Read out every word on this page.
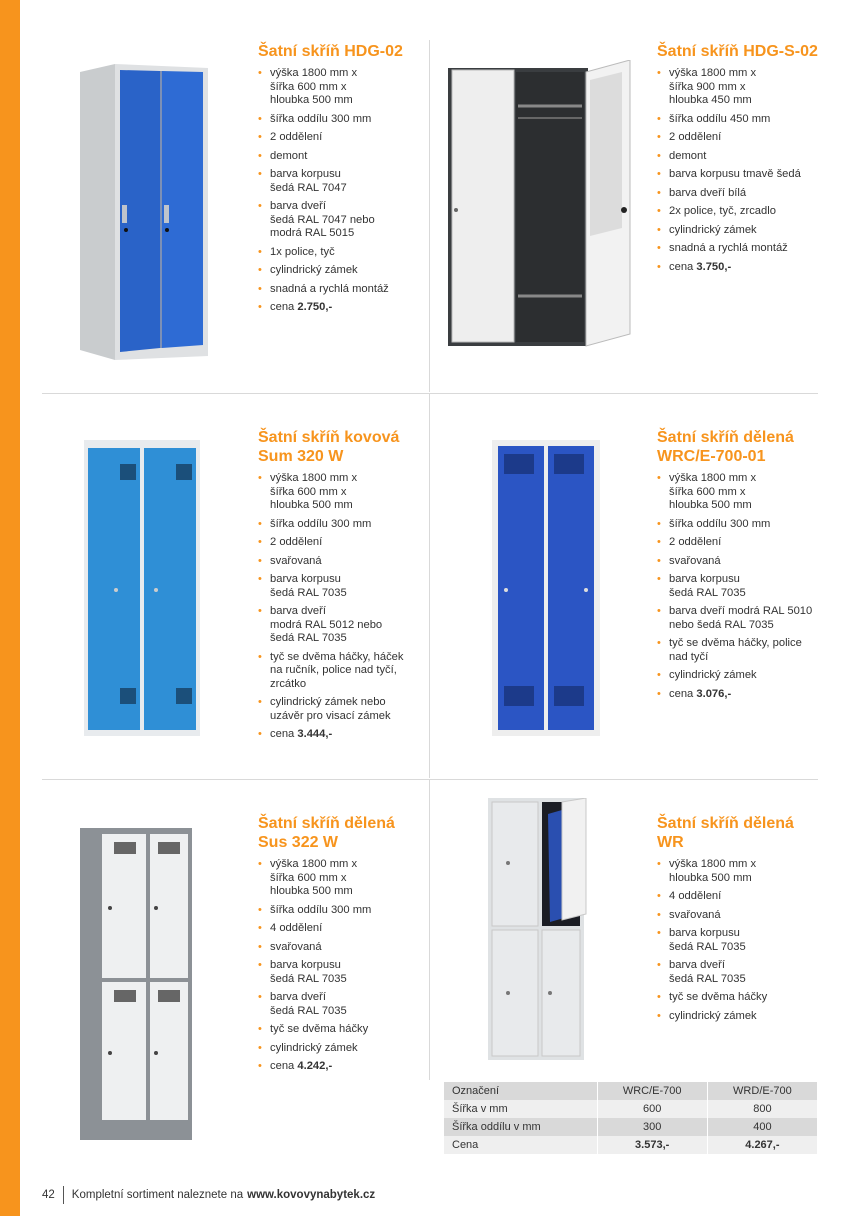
Šatní skříň HDG-02
• výška 1800 mm x
šířka 600 mm x
hloubka 500 mm
• šířka oddílu 300 mm
• 2 oddělení
• demont
• barva korpusu
šedá RAL 7047
• barva dveří
šedá RAL 7047 nebo
modrá RAL 5015
• 1x police, tyč
• cylindrický zámek
• snadná a rychlá montáž
• cena 2.750,-
Šatní skříň HDG-S-02
• výška 1800 mm x
šířka 900 mm x
hloubka 450 mm
• šířka oddílu 450 mm
• 2 oddělení
• demont
• barva korpusu tmavě šedá
• barva dveří bílá
• 2x police, tyč, zrcadlo
• cylindrický zámek
• snadná a rychlá montáž
• cena 3.750,-
Šatní skříň kovová
Sum 320 W
• výška 1800 mm x
šířka 600 mm x
hloubka 500 mm
• šířka oddílu 300 mm
• 2 oddělení
• svařovaná
• barva korpusu
šedá RAL 7035
• barva dveří
modrá RAL 5012 nebo
šedá RAL 7035
• tyč se dvěma háčky, háček
na ručník, police nad tyčí,
zrcátko
• cylindrický zámek nebo
uzávěr pro visací zámek
• cena 3.444,-
Šatní skříň dělená
WRC/E-700-01
• výška 1800 mm x
šířka 600 mm x
hloubka 500 mm
• šířka oddílu 300 mm
• 2 oddělení
• svařovaná
• barva korpusu
šedá RAL 7035
• barva dveří modrá RAL 5010
nebo šedá RAL 7035
• tyč se dvěma háčky, police
nad tyčí
• cylindrický zámek
• cena 3.076,-
Šatní skříň dělená
Sus 322 W
• výška 1800 mm x
šířka 600 mm x
hloubka 500 mm
• šířka oddílu 300 mm
• 4 oddělení
• svařovaná
• barva korpusu
šedá RAL 7035
• barva dveří
šedá RAL 7035
• tyč se dvěma háčky
• cylindrický zámek
• cena 4.242,-
Šatní skříň dělená
WR
• výška 1800 mm x
hloubka 500 mm
• 4 oddělení
• svařovaná
• barva korpusu
šedá RAL 7035
• barva dveří
šedá RAL 7035
• tyč se dvěma háčky
• cylindrický zámek
Označení	WRC/E-700	WRD/E-700
Šířka v mm	600	800
Šířka oddílu v mm	300	400
Cena	3.573,-	4.267,-
42 Kompletní sortiment naleznete na www.kovovynabytek.cz
